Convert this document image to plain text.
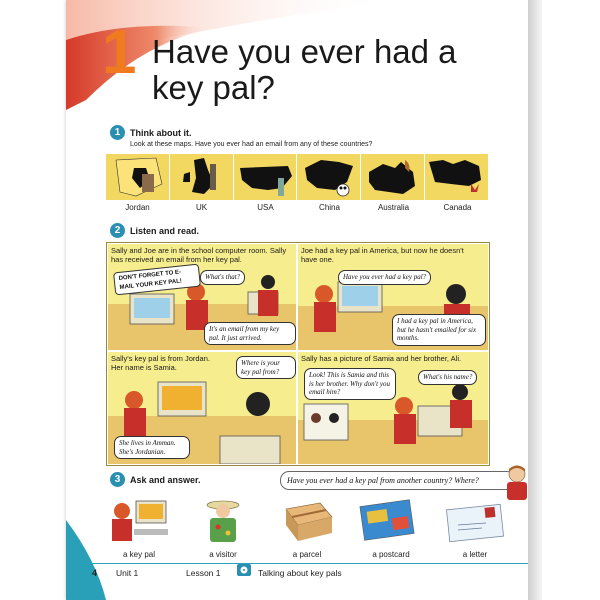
1 Have you ever had a key pal?
1	Think about it.
Look at these maps. Have you ever had an email from any of these countries?
Jordan	UK	USA	China	Australia	Canada
2	Listen and read.
Sally and Joe are in the school computer room. Sally has received an email from her key pal.
DON'T FORGET TO E-MAIL YOUR KEY PAL!
What's that?
It's an email from my key pal. It just arrived.
Joe had a key pal in America, but now he doesn't have one.
Have you ever had a key pal?
I had a key pal in America, but he hasn't emailed for six months.
Sally's key pal is from Jordan. Her name is Samia.	Where is your key pal from?
She lives in Amman. She's Jordanian.
Sally has a picture of Samia and her brother, Ali.
Look! This is Samia and this is her brother. Why don't you email him?
What's his name?
3	Ask and answer.	Have you ever had a key pal from another country? Where?
a key pal	a visitor	a parcel	a postcard	a letter
4 Unit 1	Lesson 1	Talking about key pals
